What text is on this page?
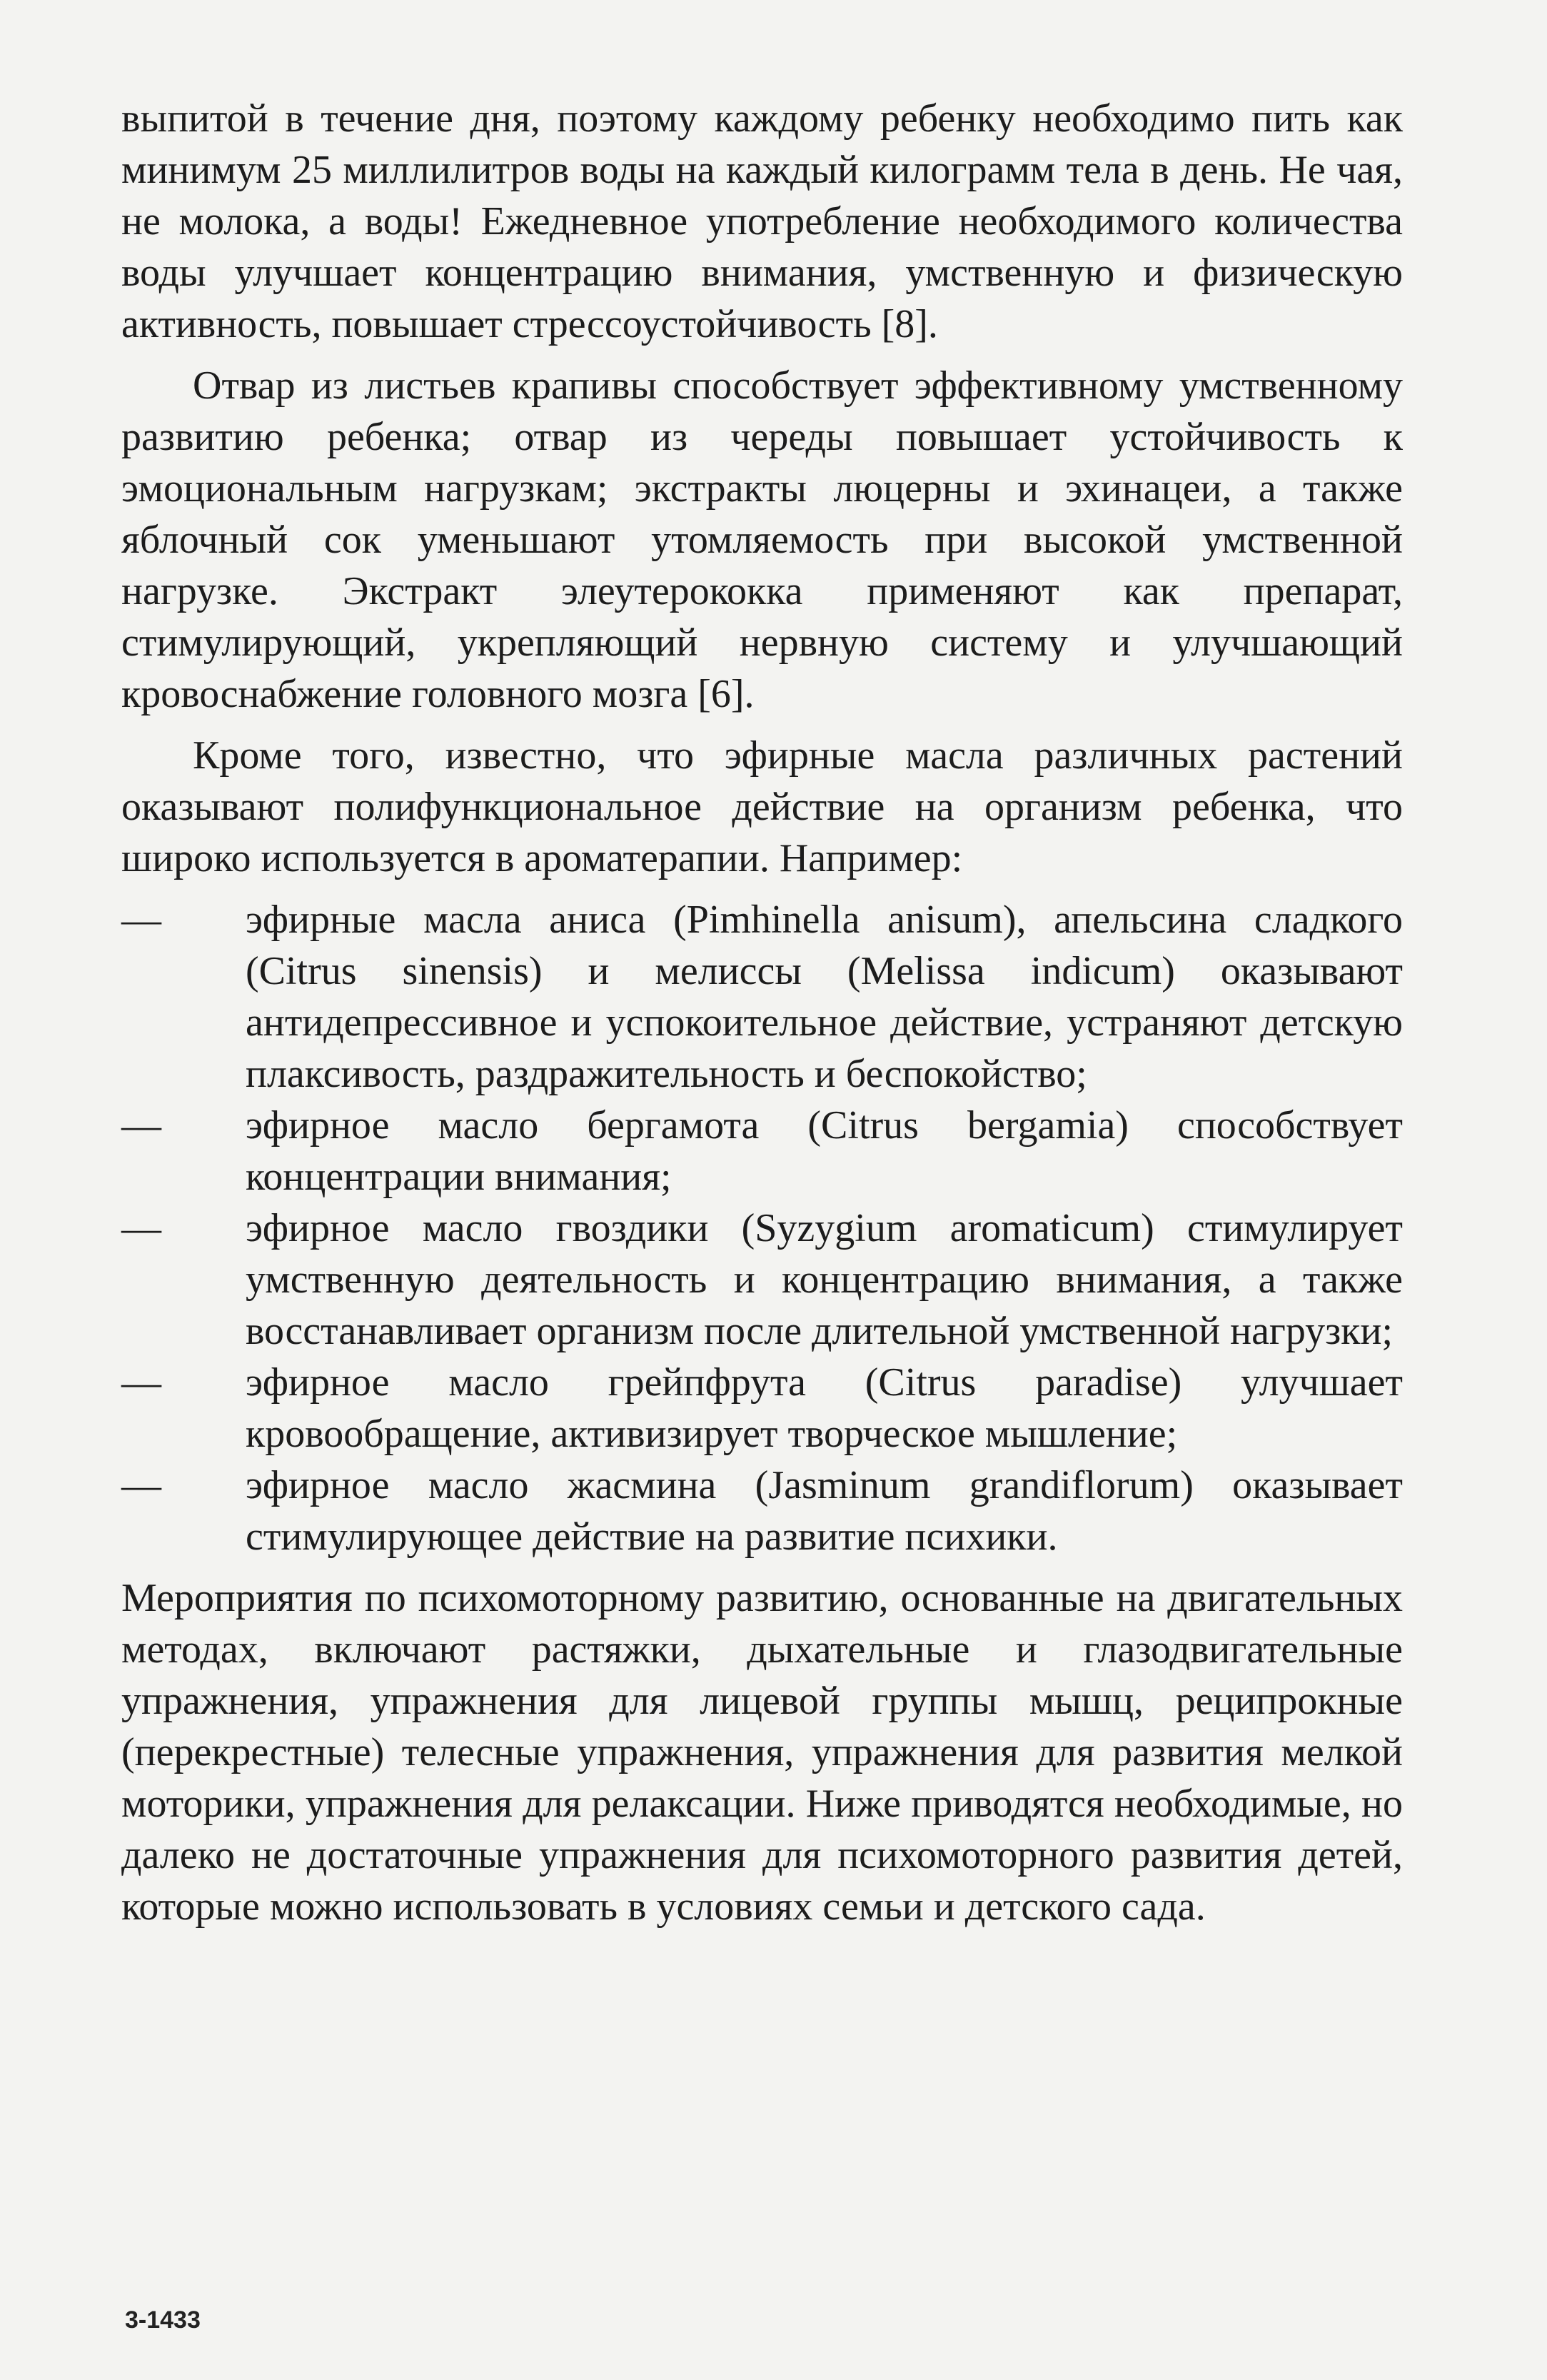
выпитой в течение дня, поэтому каждому ребенку необходимо пить как минимум 25 миллилитров воды на каждый килограмм тела в день. Не чая, не молока, а воды! Ежедневное употребление необходимого количества воды улучшает концентрацию внимания, умственную и физическую активность, повышает стрессоустойчивость [8].

Отвар из листьев крапивы способствует эффективному умственному развитию ребенка; отвар из череды повышает устойчивость к эмоциональным нагрузкам; экстракты люцерны и эхинацеи, а также яблочный сок уменьшают утомляемость при высокой умственной нагрузке. Экстракт элеутерококка применяют как препарат, стимулирующий, укрепляющий нервную систему и улучшающий кровоснабжение головного мозга [6].

Кроме того, известно, что эфирные масла различных растений оказывают полифункциональное действие на организм ребенка, что широко используется в ароматерапии. Например:

—	эфирные масла аниса (Pimhinella anisum), апельсина сладкого (Citrus sinensis) и мелиссы (Melissa indicum) оказывают антидепрессивное и успокоительное действие, устраняют детскую плаксивость, раздражительность и беспокойство;
—	эфирное масло бергамота (Citrus bergamia) способствует концентрации внимания;
—	эфирное масло гвоздики (Syzygium aromaticum) стимулирует умственную деятельность и концентрацию внимания, а также восстанавливает организм после длительной умственной нагрузки;
—	эфирное масло грейпфрута (Citrus paradise) улучшает кровообращение, активизирует творческое мышление;
—	эфирное масло жасмина (Jasminum grandiflorum) оказывает стимулирующее действие на развитие психики.

Мероприятия по психомоторному развитию, основанные на двигательных методах, включают растяжки, дыхательные и глазодвигательные упражнения, упражнения для лицевой группы мышц, реципрокные (перекрестные) телесные упражнения, упражнения для развития мелкой моторики, упражнения для релаксации. Ниже приводятся необходимые, но далеко не достаточные упражнения для психомоторного развития детей, которые можно использовать в условиях семьи и детского сада.

3-1433
